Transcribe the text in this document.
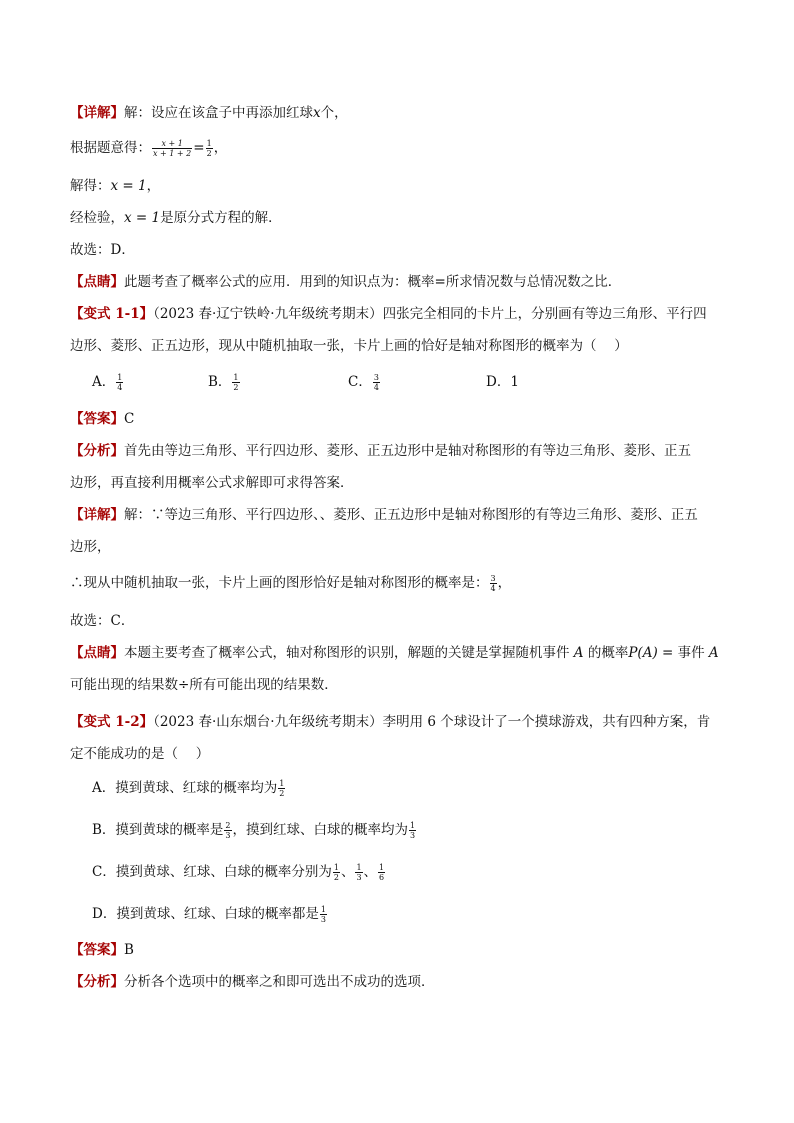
【详解】解：设应在该盒子中再添加红球x个，
根据题意得： $\frac{x + 1}{x + 1 + 2} = \frac{1}{2}$ ，
解得：x = 1，
经检验，x = 1是原分式方程的解．
故选：D．
【点睛】此题考查了概率公式的应用．用到的知识点为：概率=所求情况数与总情况数之比．
【变式 1-1】（2023 春·辽宁铁岭·九年级统考期末）四张完全相同的卡片上，分别画有等边三角形、平行四
边形、菱形、正五边形，现从中随机抽取一张，卡片上画的恰好是轴对称图形的概率为（　 ）
A． $\frac{1}{4}$	B． $\frac{1}{2}$	C． $\frac{3}{4}$	D．1
【答案】C
【分析】首先由等边三角形、平行四边形、菱形、正五边形中是轴对称图形的有等边三角形、菱形、正五
边形，再直接利用概率公式求解即可求得答案．
【详解】解：∵等边三角形、平行四边形、、菱形、正五边形中是轴对称图形的有等边三角形、菱形、正五
边形，
∴现从中随机抽取一张，卡片上画的图形恰好是轴对称图形的概率是： $\frac{3}{4}$ ，
故选：C．
【点睛】本题主要考查了概率公式，轴对称图形的识别，解题的关键是掌握随机事件 A 的概率P(A) = 事件 A
可能出现的结果数÷所有可能出现的结果数．
【变式 1-2】（2023 春·山东烟台·九年级统考期末）李明用 6 个球设计了一个摸球游戏，共有四种方案，肯
定不能成功的是（　 ）
A．摸到黄球、红球的概率均为 $\frac{1}{2}$
B．摸到黄球的概率是 $\frac{2}{3}$ ，摸到红球、白球的概率均为 $\frac{1}{3}$
C．摸到黄球、红球、白球的概率分别为 $\frac{1}{2}$ 、 $\frac{1}{3}$ 、 $\frac{1}{6}$
D．摸到黄球、红球、白球的概率都是 $\frac{1}{3}$
【答案】B
【分析】分析各个选项中的概率之和即可选出不成功的选项．
